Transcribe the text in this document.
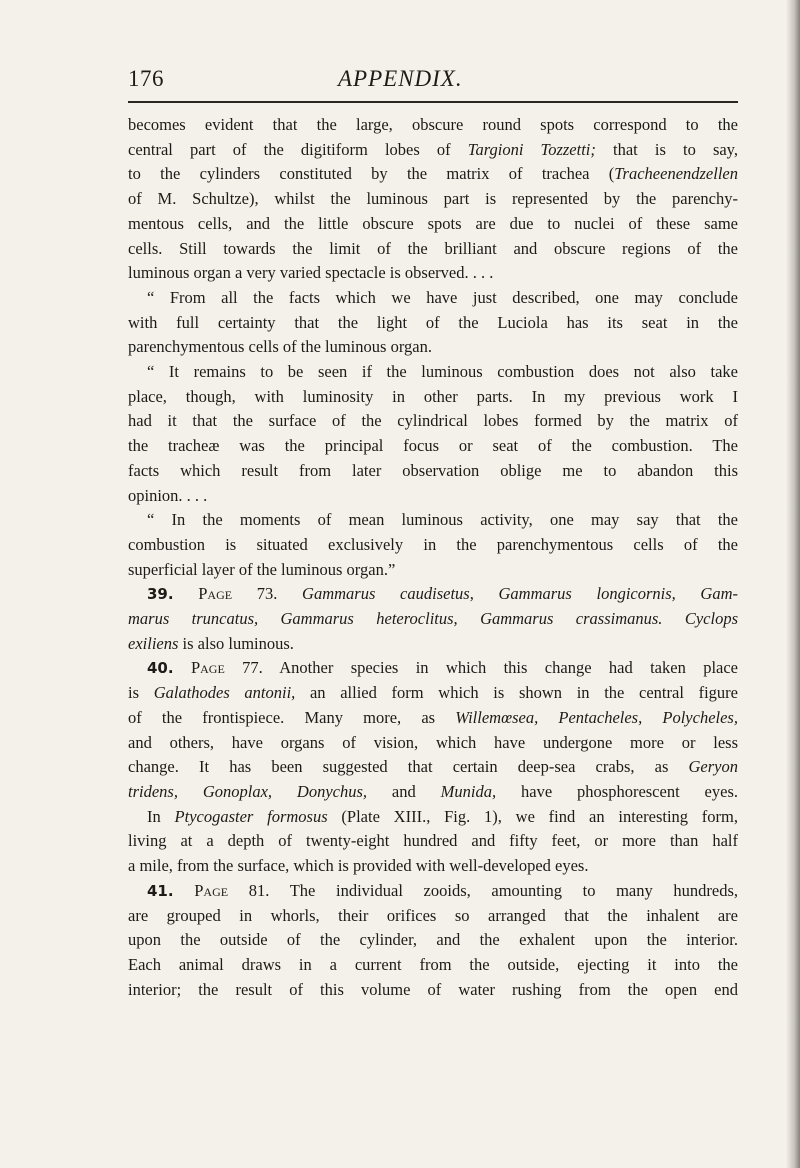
176	APPENDIX.
becomes evident that the large, obscure round spots correspond to the
central part of the digitiform lobes of Targioni Tozzetti; that is to say,
to the cylinders constituted by the matrix of trachea (Tracheenendzellen
of M. Schultze), whilst the luminous part is represented by the parenchy-
mentous cells, and the little obscure spots are due to nuclei of these same
cells. Still towards the limit of the brilliant and obscure regions of the
luminous organ a very varied spectacle is observed. . . .
“ From all the facts which we have just described, one may conclude
with full certainty that the light of the Luciola has its seat in the
parenchymentous cells of the luminous organ.
“ It remains to be seen if the luminous combustion does not also take
place, though, with luminosity in other parts. In my previous work I
had it that the surface of the cylindrical lobes formed by the matrix of
the tracheæ was the principal focus or seat of the combustion. The
facts which result from later observation oblige me to abandon this
opinion. . . .
“ In the moments of mean luminous activity, one may say that the
combustion is situated exclusively in the parenchymentous cells of the
superficial layer of the luminous organ.”
39. Page 73. Gammarus caudisetus, Gammarus longicornis, Gam-
marus truncatus, Gammarus heteroclitus, Gammarus crassimanus. Cyclops
exiliens is also luminous.
40. Page 77. Another species in which this change had taken place
is Galathodes antonii, an allied form which is shown in the central figure
of the frontispiece. Many more, as Willemœsea, Pentacheles, Polycheles,
and others, have organs of vision, which have undergone more or less
change. It has been suggested that certain deep-sea crabs, as Geryon
tridens, Gonoplax, Donychus, and Munida, have phosphorescent eyes.
In Ptycogaster formosus (Plate XIII., Fig. 1), we find an interesting form,
living at a depth of twenty-eight hundred and fifty feet, or more than half
a mile, from the surface, which is provided with well-developed eyes.
41. Page 81. The individual zooids, amounting to many hundreds,
are grouped in whorls, their orifices so arranged that the inhalent are
upon the outside of the cylinder, and the exhalent upon the interior.
Each animal draws in a current from the outside, ejecting it into the
interior; the result of this volume of water rushing from the open end
